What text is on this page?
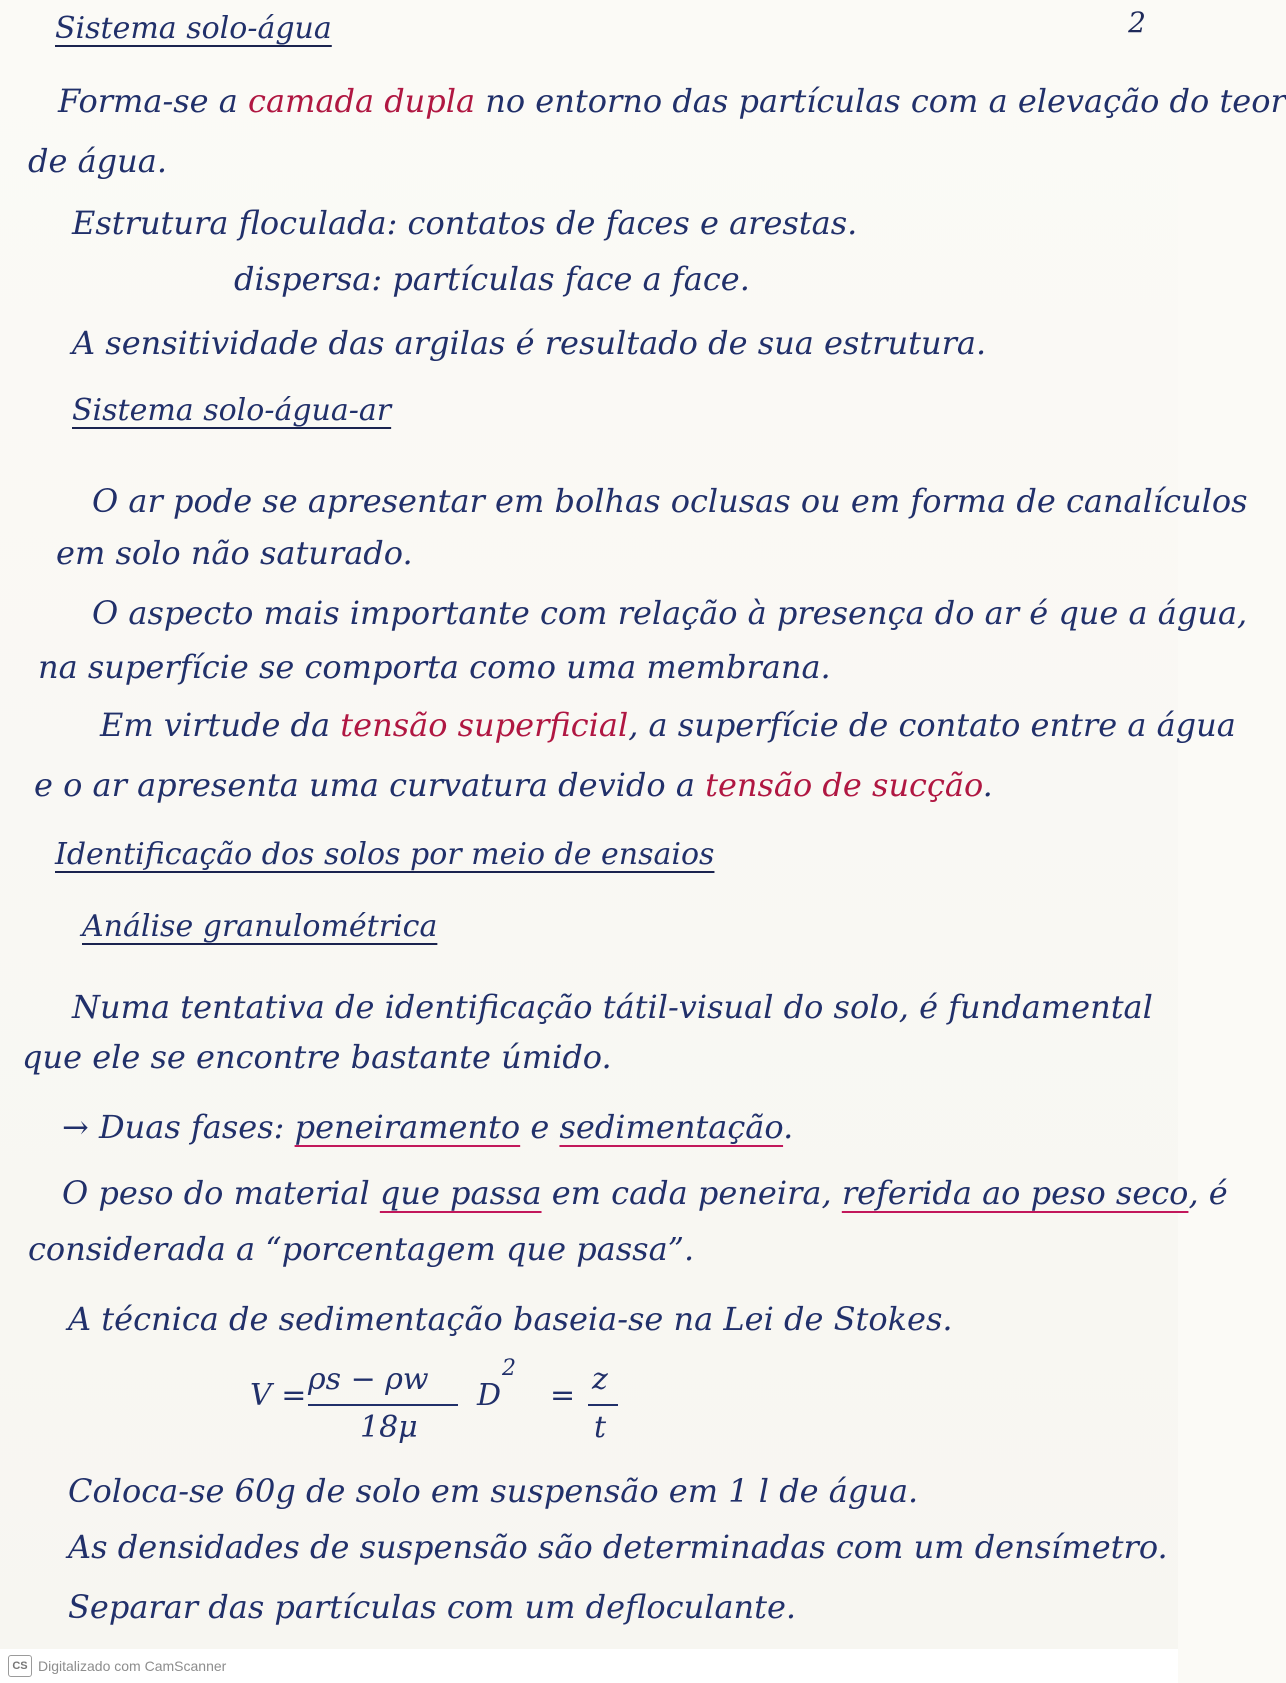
2
Sistema solo-água
Forma-se a camada dupla no entorno das partículas com a elevação do teor
de água.
Estrutura floculada: contatos de faces e arestas.
dispersa: partículas face a face.
A sensitividade das argilas é resultado de sua estrutura.
Sistema solo-água-ar
O ar pode se apresentar em bolhas oclusas ou em forma de canalículos
em solo não saturado.
O aspecto mais importante com relação à presença do ar é que a água,
na superfície se comporta como uma membrana.
Em virtude da tensão superficial, a superfície de contato entre a água
e o ar apresenta uma curvatura devido a tensão de sucção.
Identificação dos solos por meio de ensaios
Análise granulométrica
Numa tentativa de identificação tátil-visual do solo, é fundamental
que ele se encontre bastante úmido.
→ Duas fases: peneiramento e sedimentação.
O peso do material que passa em cada peneira, referida ao peso seco, é
considerada a “porcentagem que passa”.
A técnica de sedimentação baseia-se na Lei de Stokes.
V = ρs − ρw
18μ
D
2
= z
t
Coloca-se 60g de solo em suspensão em 1 l de água.
As densidades de suspensão são determinadas com um densímetro.
Separar das partículas com um defloculante.
CS Digitalizado com CamScanner
